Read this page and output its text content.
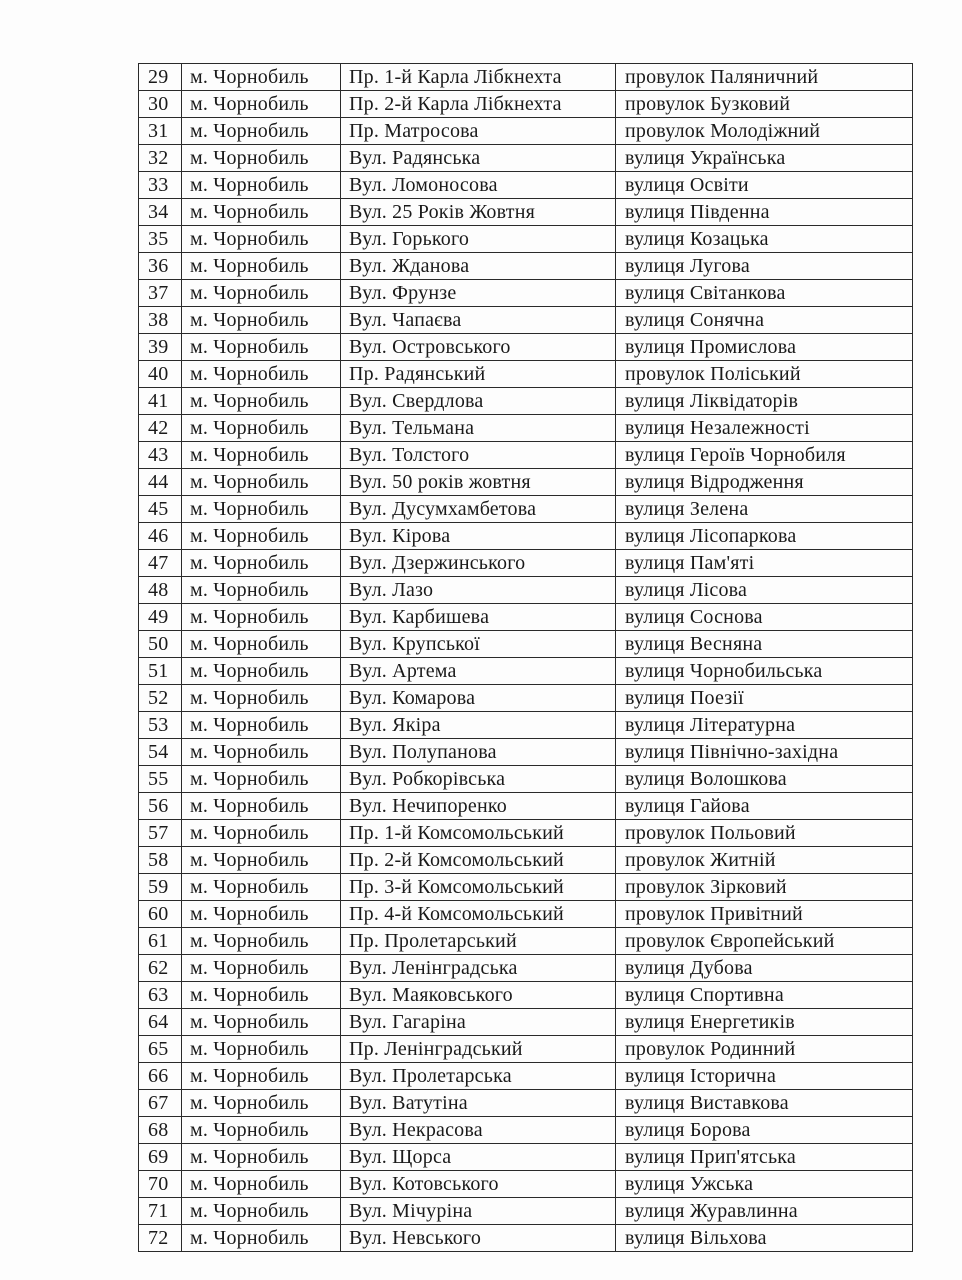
29	м. Чорнобиль	Пр. 1-й Карла Лібкнехта	провулок Паляничний
30	м. Чорнобиль	Пр. 2-й Карла Лібкнехта	провулок Бузковий
31	м. Чорнобиль	Пр. Матросова	провулок Молодіжний
32	м. Чорнобиль	Вул. Радянська	вулиця Українська
33	м. Чорнобиль	Вул. Ломоносова	вулиця Освіти
34	м. Чорнобиль	Вул. 25 Років Жовтня	вулиця Південна
35	м. Чорнобиль	Вул. Горького	вулиця Козацька
36	м. Чорнобиль	Вул. Жданова	вулиця Лугова
37	м. Чорнобиль	Вул. Фрунзе	вулиця Світанкова
38	м. Чорнобиль	Вул. Чапаєва	вулиця Сонячна
39	м. Чорнобиль	Вул. Островського	вулиця Промислова
40	м. Чорнобиль	Пр. Радянський	провулок Поліський
41	м. Чорнобиль	Вул. Свердлова	вулиця Ліквідаторів
42	м. Чорнобиль	Вул. Тельмана	вулиця Незалежності
43	м. Чорнобиль	Вул. Толстого	вулиця Героїв Чорнобиля
44	м. Чорнобиль	Вул. 50 років жовтня	вулиця Відродження
45	м. Чорнобиль	Вул. Дусумхамбетова	вулиця Зелена
46	м. Чорнобиль	Вул. Кірова	вулиця Лісопаркова
47	м. Чорнобиль	Вул. Дзержинського	вулиця Пам'яті
48	м. Чорнобиль	Вул. Лазо	вулиця Лісова
49	м. Чорнобиль	Вул. Карбишева	вулиця Соснова
50	м. Чорнобиль	Вул. Крупської	вулиця Весняна
51	м. Чорнобиль	Вул. Артема	вулиця Чорнобильська
52	м. Чорнобиль	Вул. Комарова	вулиця Поезії
53	м. Чорнобиль	Вул. Якіра	вулиця Літературна
54	м. Чорнобиль	Вул. Полупанова	вулиця Північно-західна
55	м. Чорнобиль	Вул. Робкорівська	вулиця Волошкова
56	м. Чорнобиль	Вул. Нечипоренко	вулиця Гайова
57	м. Чорнобиль	Пр. 1-й Комсомольський	провулок Польовий
58	м. Чорнобиль	Пр. 2-й Комсомольський	провулок Житній
59	м. Чорнобиль	Пр. 3-й Комсомольський	провулок Зірковий
60	м. Чорнобиль	Пр. 4-й Комсомольський	провулок Привітний
61	м. Чорнобиль	Пр. Пролетарський	провулок Європейський
62	м. Чорнобиль	Вул. Ленінградська	вулиця Дубова
63	м. Чорнобиль	Вул. Маяковського	вулиця Спортивна
64	м. Чорнобиль	Вул. Гагаріна	вулиця Енергетиків
65	м. Чорнобиль	Пр. Ленінградський	провулок Родинний
66	м. Чорнобиль	Вул. Пролетарська	вулиця Історична
67	м. Чорнобиль	Вул. Ватутіна	вулиця Виставкова
68	м. Чорнобиль	Вул. Некрасова	вулиця Борова
69	м. Чорнобиль	Вул. Щорса	вулиця Прип'ятська
70	м. Чорнобиль	Вул. Котовського	вулиця Ужська
71	м. Чорнобиль	Вул. Мічуріна	вулиця Журавлинна
72	м. Чорнобиль	Вул. Невського	вулиця Вільхова
